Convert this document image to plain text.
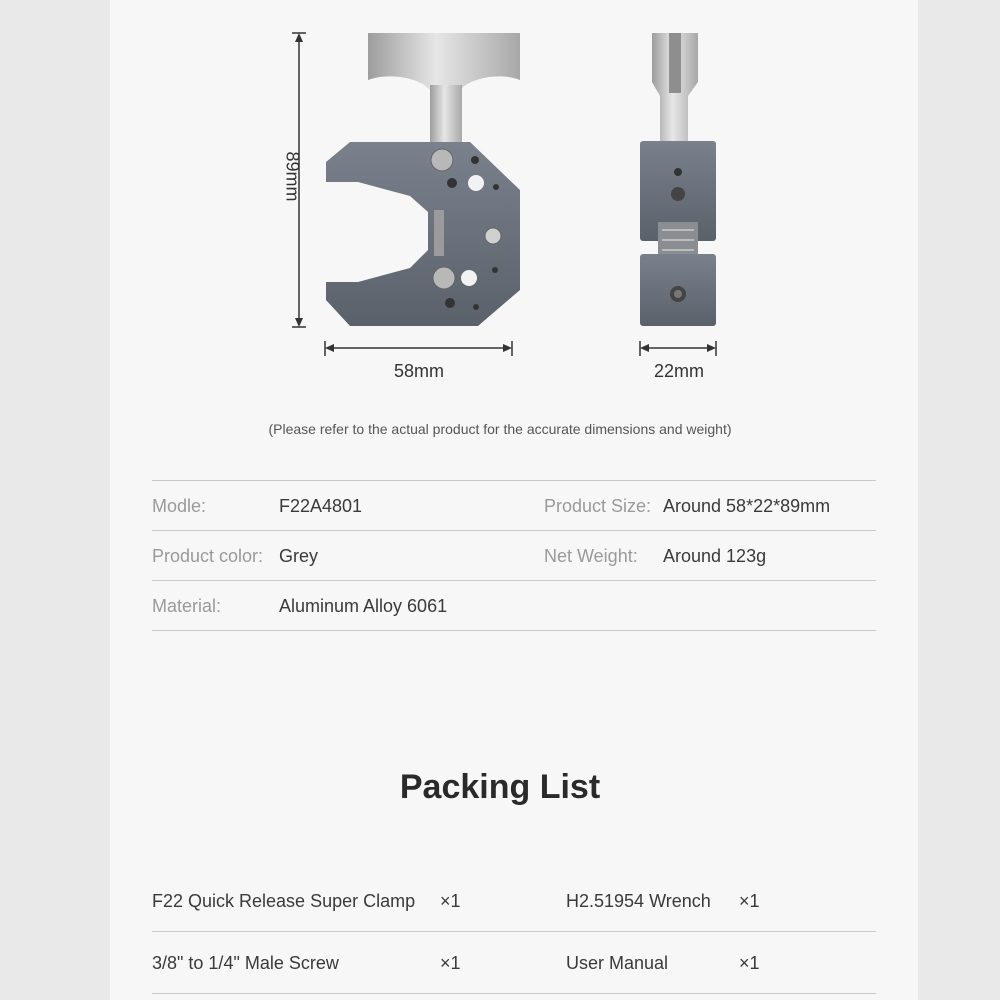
89mm
58mm	22mm
(Please refer to the actual product for the accurate dimensions and weight)
Modle:	F22A4801	Product Size: Around 58*22*89mm
Product color: Grey	Net Weight: Around 123g
Material:	Aluminum Alloy 6061
Packing List
F22 Quick Release Super Clamp ×1	H2.51954 Wrench ×1
3/8" to 1/4" Male Screw	×1	User Manual	×1
